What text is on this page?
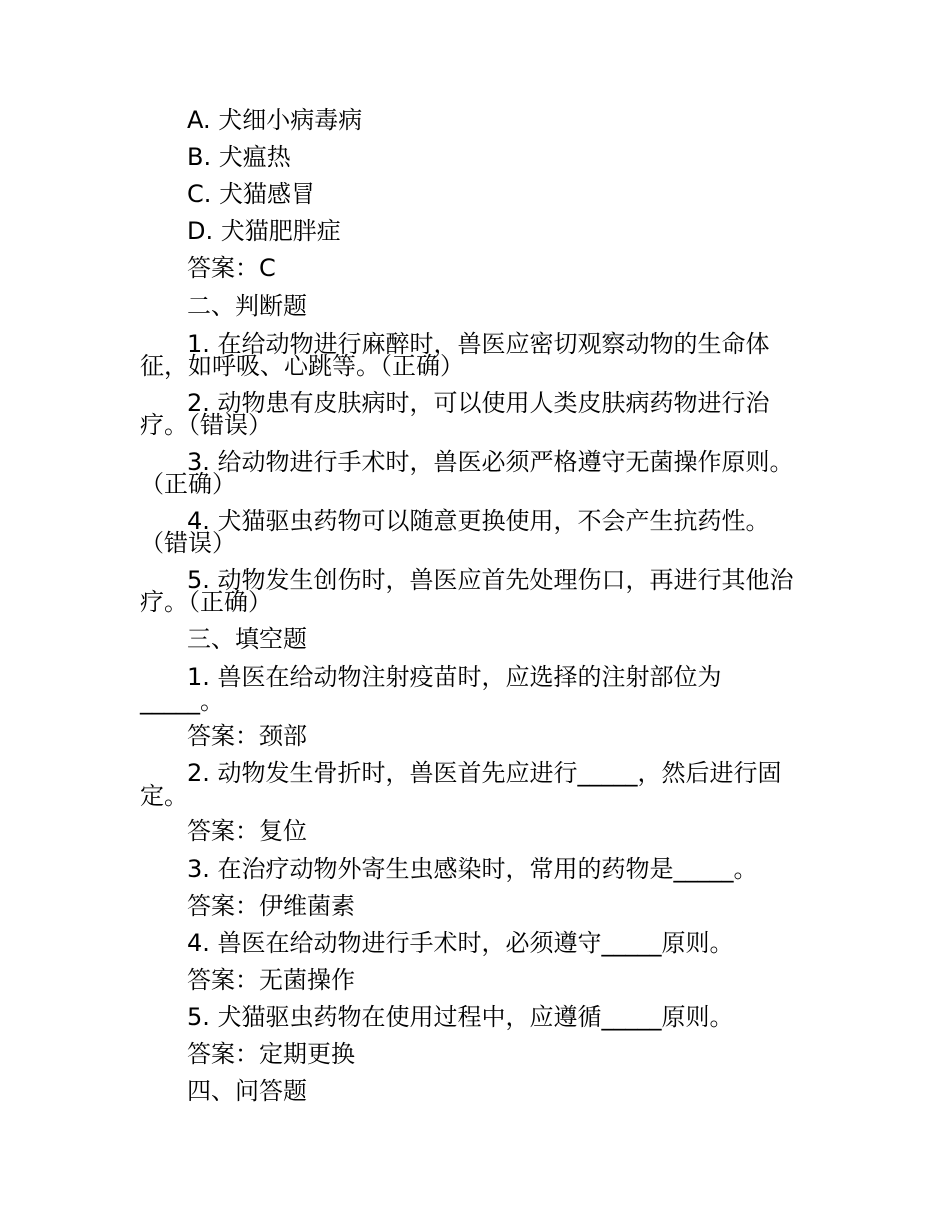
A. 犬细小病毒病
B. 犬瘟热
C. 犬猫感冒
D. 犬猫肥胖症
答案：C
二、判断题
1. 在给动物进行麻醉时，兽医应密切观察动物的生命体
征，如呼吸、心跳等。（正确）
2. 动物患有皮肤病时，可以使用人类皮肤病药物进行治
疗。（错误）
3. 给动物进行手术时，兽医必须严格遵守无菌操作原则。
（正确）
4. 犬猫驱虫药物可以随意更换使用，不会产生抗药性。
（错误）
5. 动物发生创伤时，兽医应首先处理伤口，再进行其他治
疗。（正确）
三、填空题
1. 兽医在给动物注射疫苗时，应选择的注射部位为
_____。
答案：颈部
2. 动物发生骨折时，兽医首先应进行_____，然后进行固
定。
答案：复位
3. 在治疗动物外寄生虫感染时，常用的药物是_____。
答案：伊维菌素
4. 兽医在给动物进行手术时，必须遵守_____原则。
答案：无菌操作
5. 犬猫驱虫药物在使用过程中，应遵循_____原则。
答案：定期更换
四、问答题
